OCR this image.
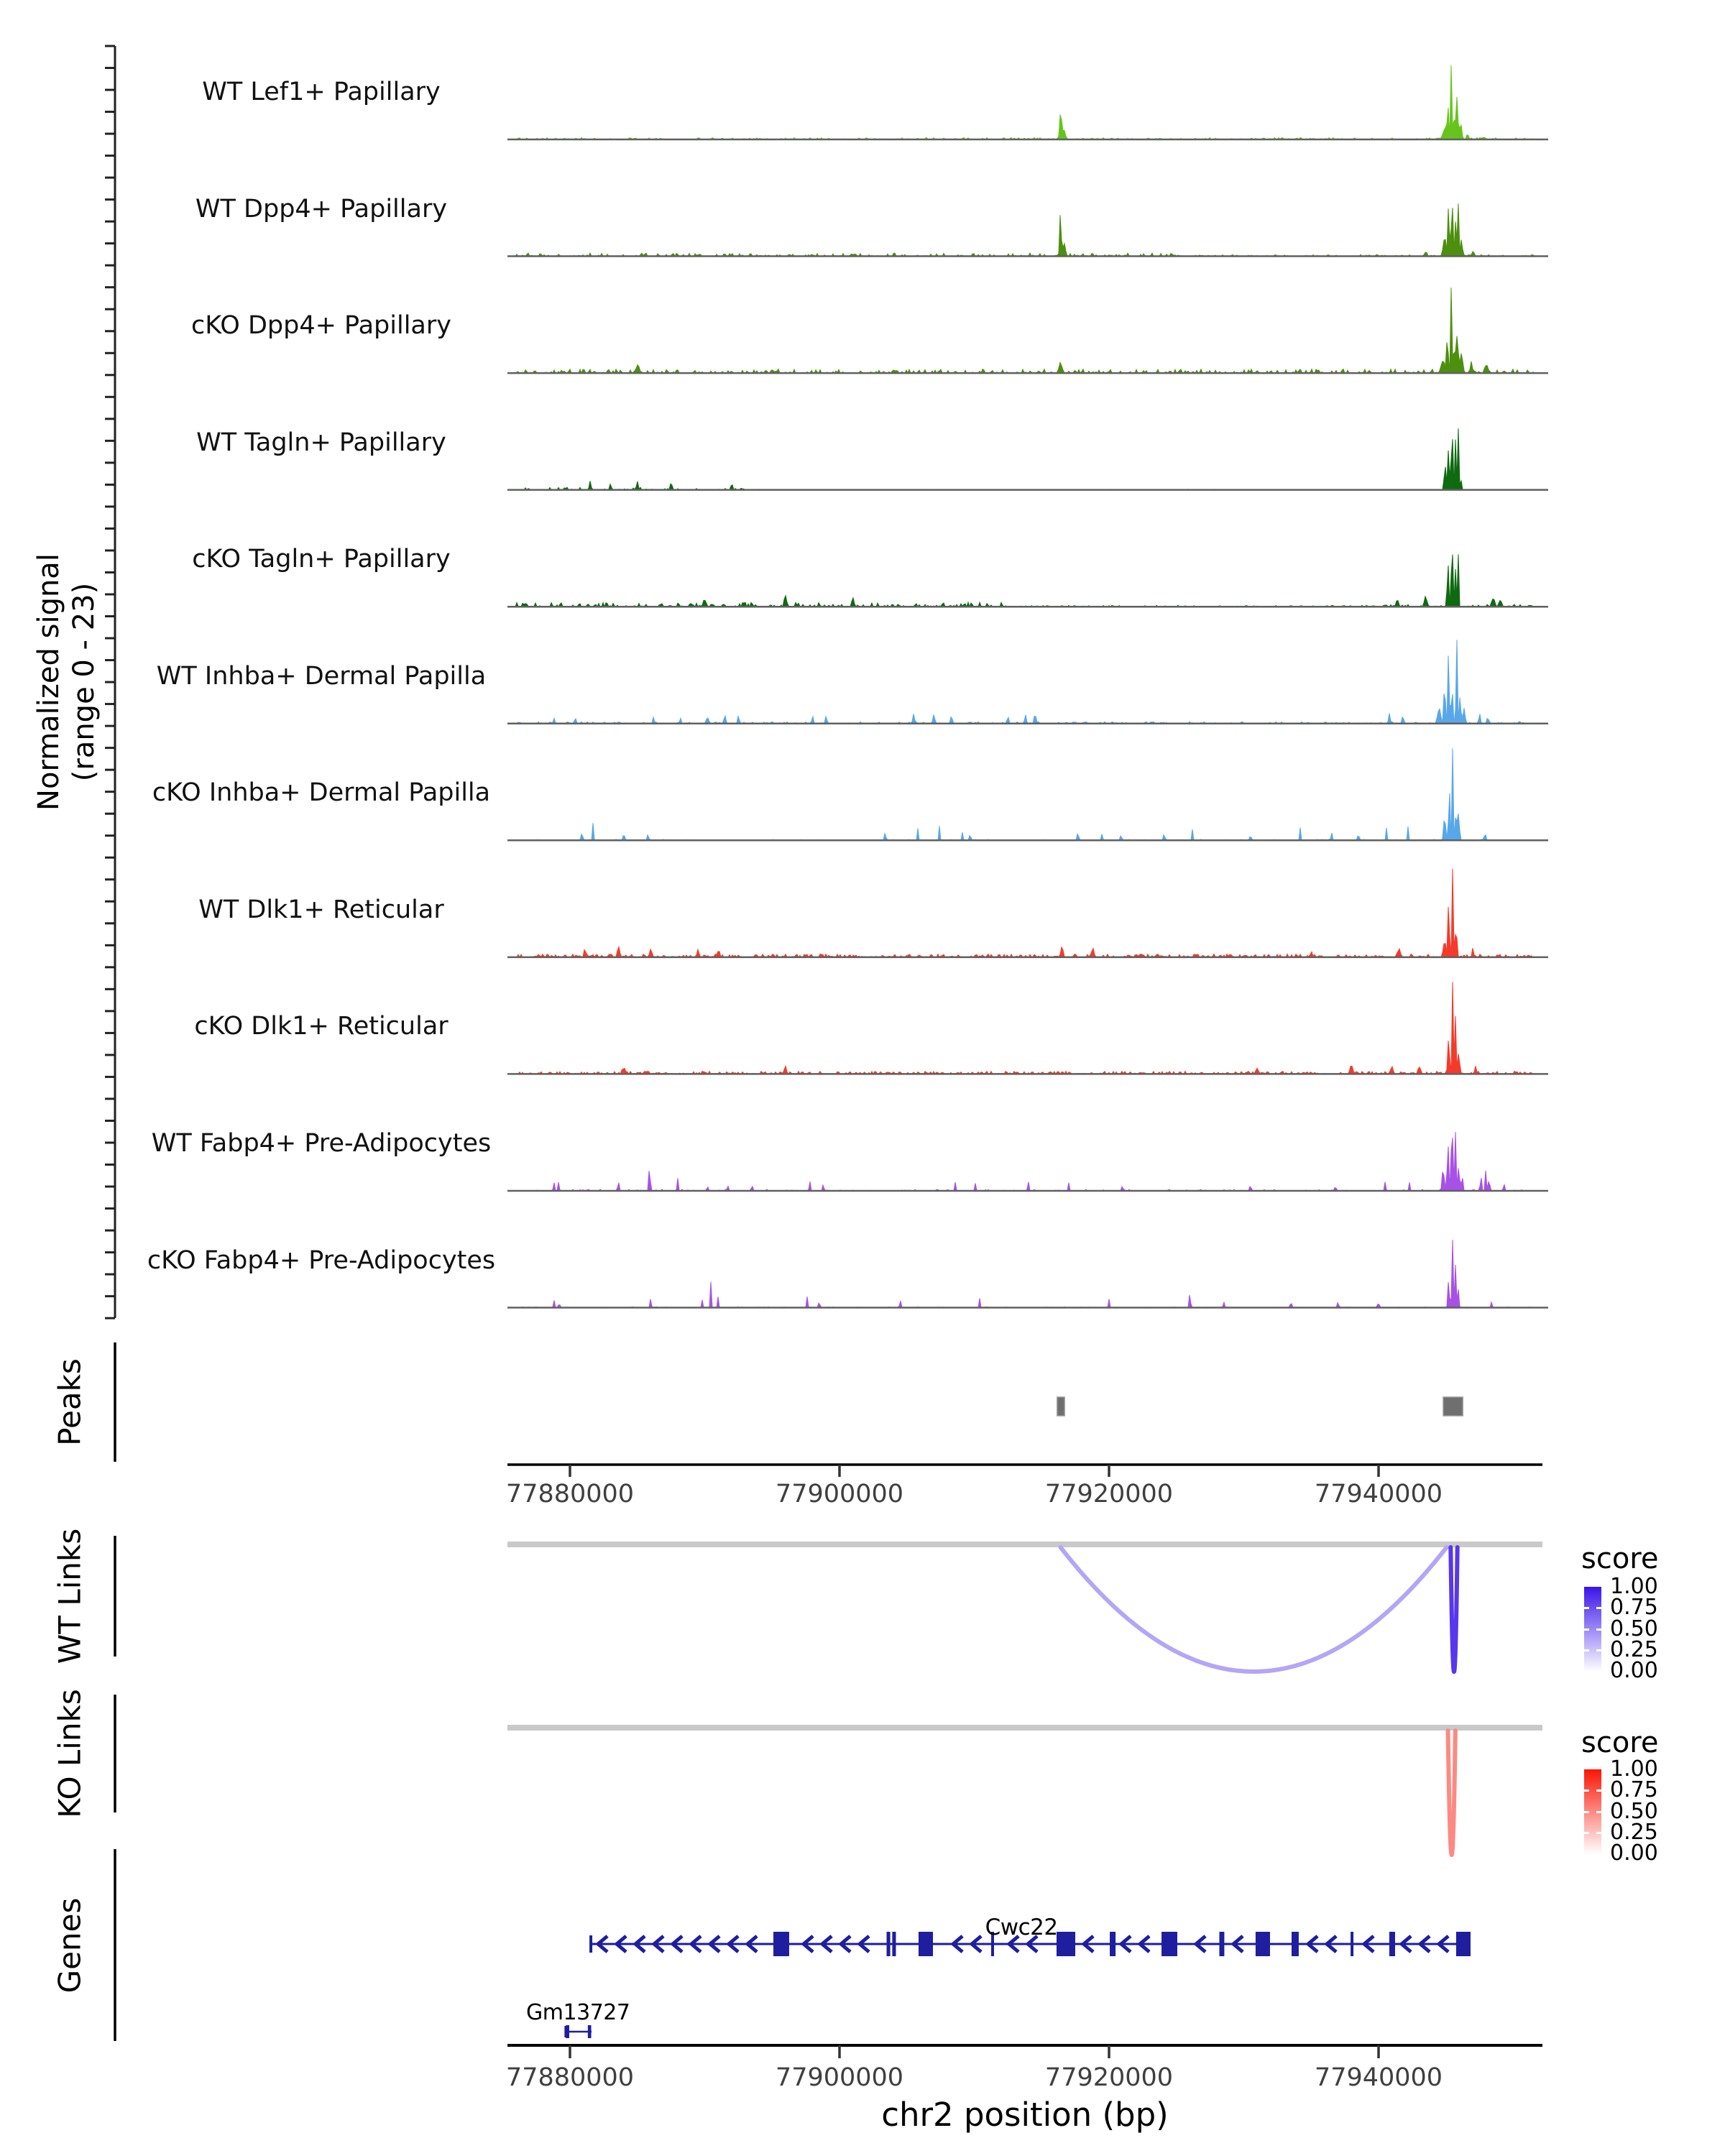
77880000	77900000	77920000	77940000
Cwc22
Gm13727
77880000	77900000	77920000	77940000
Normalized signal (range 0 - 23)
Peaks
WT Links
KO Links
Genes
score
1.00
0.75
0.50
0.25
0.00
score
1.00
0.75
0.50
0.25
0.00
chr2 position (bp)
WT Lef1+ Papillary
WT Dpp4+ Papillary
cKO Dpp4+ Papillary
WT Tagln+ Papillary
cKO Tagln+ Papillary
WT Inhba+ Dermal Papilla
cKO Inhba+ Dermal Papilla
WT Dlk1+ Reticular
cKO Dlk1+ Reticular
WT Fabp4+ Pre-Adipocytes
cKO Fabp4+ Pre-Adipocytes
